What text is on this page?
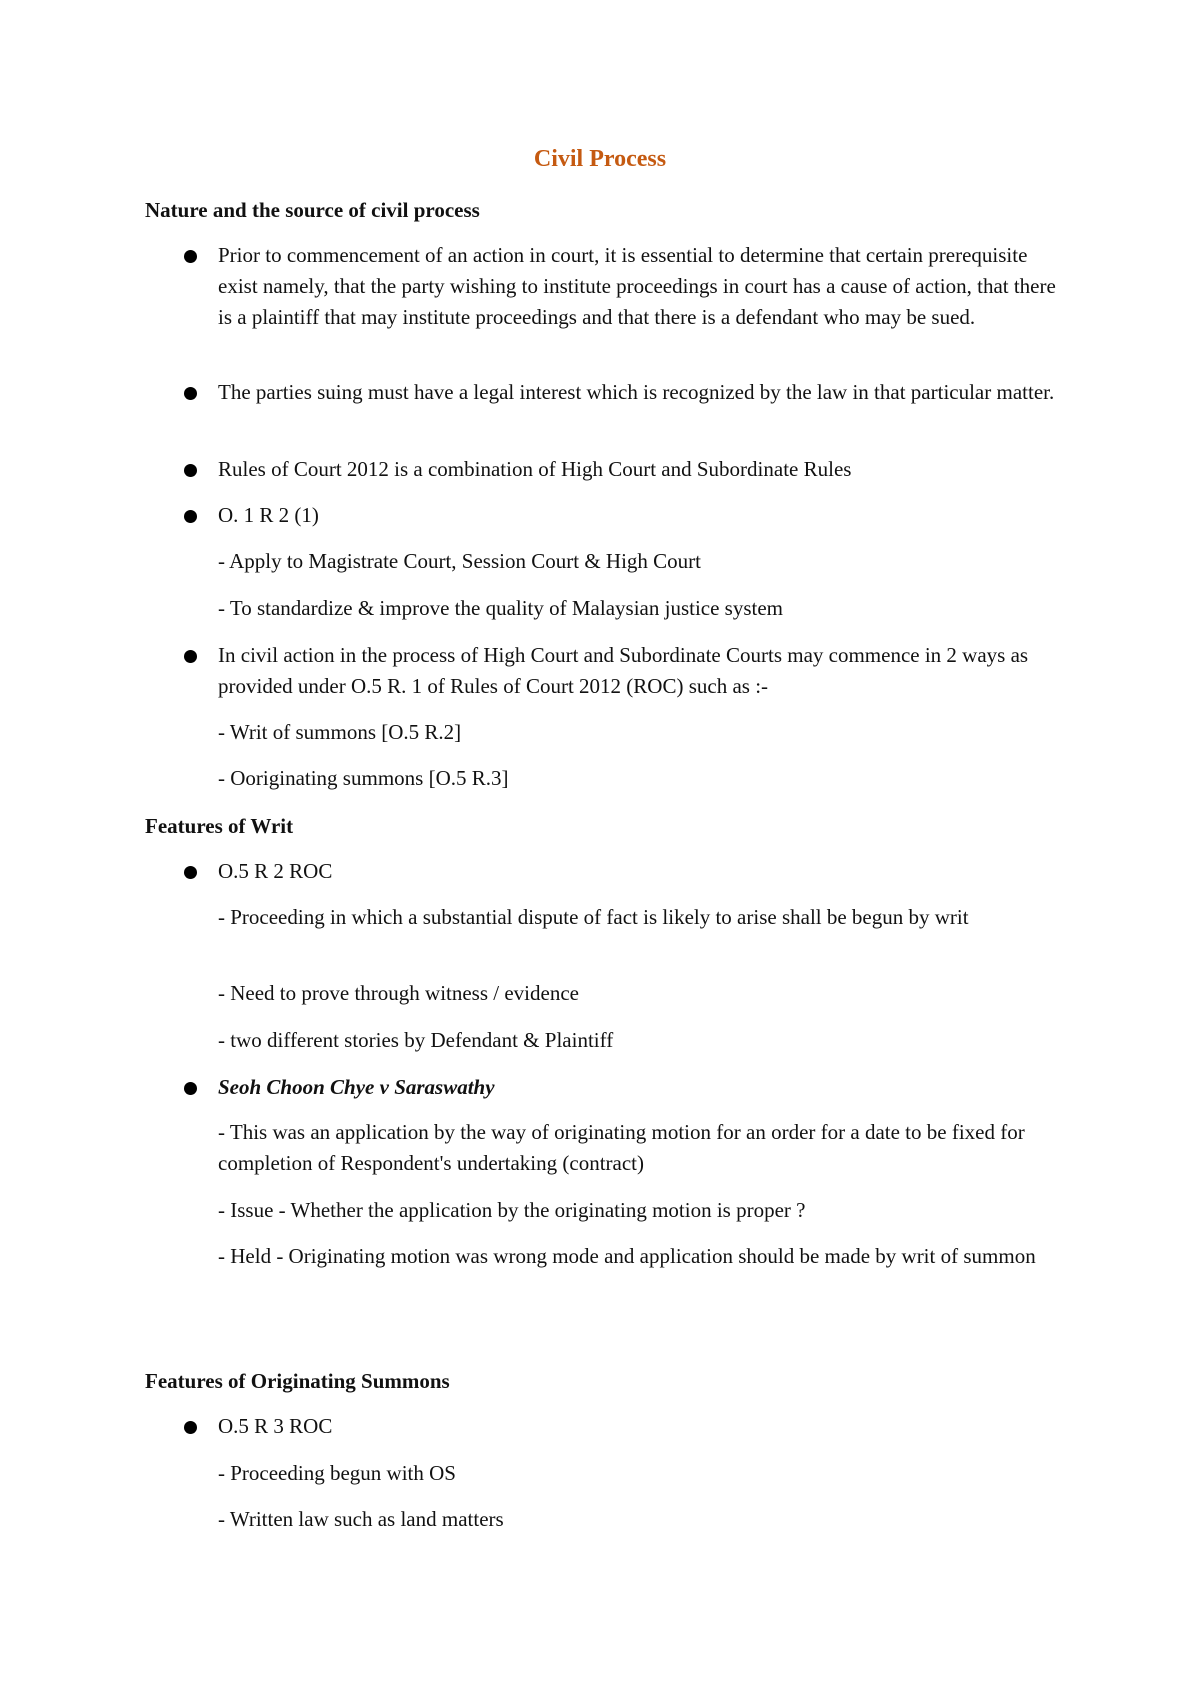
Civil Process
Nature and the source of civil process
Prior to commencement of an action in court, it is essential to determine that certain prerequisite exist namely, that the party wishing to institute proceedings in court has a cause of action, that there is a plaintiff that may institute proceedings and that there is a defendant who may be sued.
The parties suing must have a legal interest which is recognized by the law in that particular matter.
Rules of Court 2012 is a combination of High Court and Subordinate Rules
O. 1 R 2 (1)
- Apply to Magistrate Court, Session Court & High Court
- To standardize & improve the quality of Malaysian justice system
In civil action in the process of High Court and Subordinate Courts may commence in 2 ways as provided under O.5 R. 1 of Rules of Court 2012 (ROC) such as :-
- Writ of summons [O.5 R.2]
- Ooriginating summons [O.5 R.3]
Features of Writ
O.5 R 2 ROC
- Proceeding in which a substantial dispute of fact is likely to arise shall be begun by writ
- Need to prove through witness / evidence
- two different stories by Defendant & Plaintiff
Seoh Choon Chye v Saraswathy
- This was an application by the way of originating motion for an order for a date to be fixed for completion of Respondent's undertaking (contract)
- Issue - Whether the application by the originating motion is proper ?
- Held - Originating motion was wrong mode and application should be made by writ of summon
Features of Originating Summons
O.5 R 3 ROC
- Proceeding begun with OS
- Written law such as land matters
